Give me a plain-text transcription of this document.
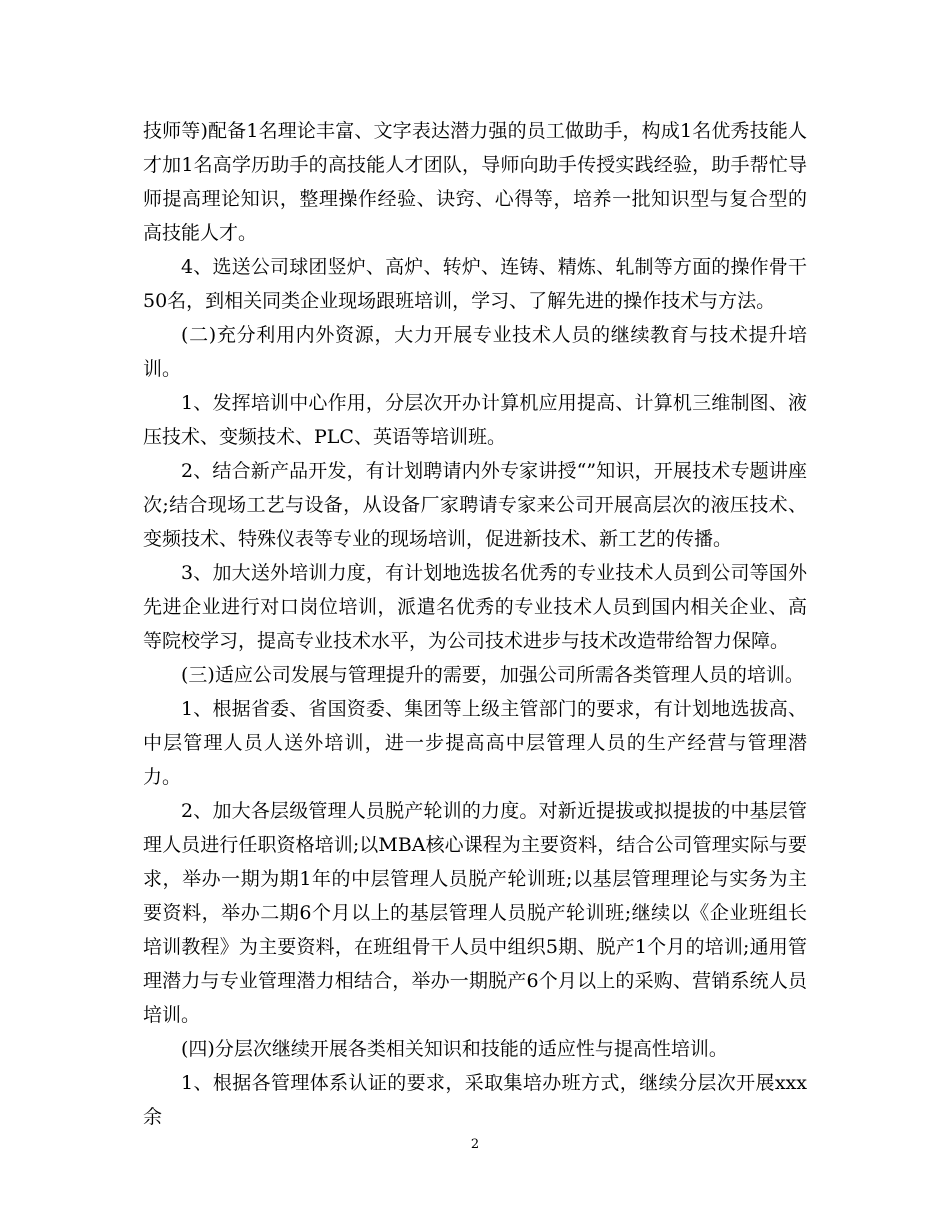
技师等)配备1名理论丰富、文字表达潜力强的员工做助手，构成1名优秀技能人才加1名高学历助手的高技能人才团队，导师向助手传授实践经验，助手帮忙导师提高理论知识，整理操作经验、诀窍、心得等，培养一批知识型与复合型的高技能人才。

4、选送公司球团竖炉、高炉、转炉、连铸、精炼、轧制等方面的操作骨干50名，到相关同类企业现场跟班培训，学习、了解先进的操作技术与方法。

(二)充分利用内外资源，大力开展专业技术人员的继续教育与技术提升培训。

1、发挥培训中心作用，分层次开办计算机应用提高、计算机三维制图、液压技术、变频技术、PLC、英语等培训班。

2、结合新产品开发，有计划聘请内外专家讲授“”知识，开展技术专题讲座次;结合现场工艺与设备，从设备厂家聘请专家来公司开展高层次的液压技术、变频技术、特殊仪表等专业的现场培训，促进新技术、新工艺的传播。

3、加大送外培训力度，有计划地选拔名优秀的专业技术人员到公司等国外先进企业进行对口岗位培训，派遣名优秀的专业技术人员到国内相关企业、高等院校学习，提高专业技术水平，为公司技术进步与技术改造带给智力保障。

(三)适应公司发展与管理提升的需要，加强公司所需各类管理人员的培训。

1、根据省委、省国资委、集团等上级主管部门的要求，有计划地选拔高、中层管理人员人送外培训，进一步提高高中层管理人员的生产经营与管理潜力。

2、加大各层级管理人员脱产轮训的力度。对新近提拔或拟提拔的中基层管理人员进行任职资格培训;以MBA核心课程为主要资料，结合公司管理实际与要求，举办一期为期1年的中层管理人员脱产轮训班;以基层管理理论与实务为主要资料，举办二期6个月以上的基层管理人员脱产轮训班;继续以《企业班组长培训教程》为主要资料，在班组骨干人员中组织5期、脱产1个月的培训;通用管理潜力与专业管理潜力相结合，举办一期脱产6个月以上的采购、营销系统人员培训。

(四)分层次继续开展各类相关知识和技能的适应性与提高性培训。

1、根据各管理体系认证的要求，采取集培办班方式，继续分层次开展xxx余

2
